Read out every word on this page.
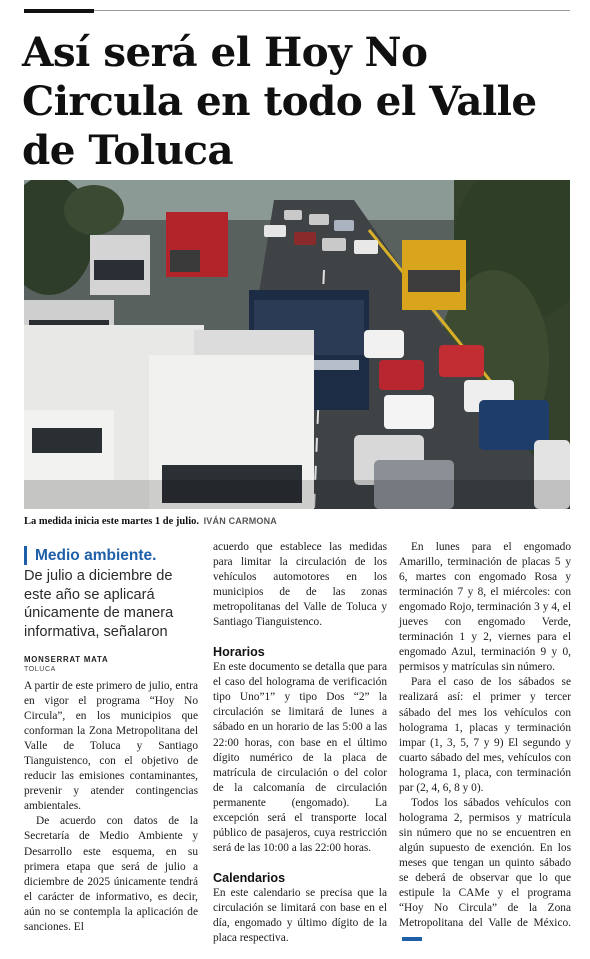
Así será el Hoy No Circula en todo el Valle de Toluca
La medida inicia este martes 1 de julio. IVÁN CARMONA
Medio ambiente.
De julio a diciembre de este año se aplicará únicamente de manera informativa, señalaron
MONSERRAT MATA
TOLUCA

A partir de este primero de julio, entra en vigor el programa “Hoy No Circula”, en los municipios que conforman la Zona Metropolitana del Valle de Toluca y Santiago Tianguistenco, con el objetivo de reducir las emisiones contaminantes, prevenir y atender contingencias ambientales.

De acuerdo con datos de la Secretaría de Medio Ambiente y Desarrollo este esquema, en su primera etapa que será de julio a diciembre de 2025 únicamente tendrá el carácter de informativo, es decir, aún no se contempla la aplicación de sanciones. El

acuerdo que establece las medidas para limitar la circulación de los vehículos automotores en los municipios de de las zonas metropolitanas del Valle de Toluca y Santiago Tianguistenco.

Horarios

En este documento se detalla que para el caso del holograma de verificación tipo Uno”1” y tipo Dos “2” la circulación se limitará de lunes a sábado en un horario de las 5:00 a las 22:00 horas, con base en el último dígito numérico de la placa de matrícula de circulación o del color de la calcomanía de circulación permanente (engomado). La excepción será el transporte local público de pasajeros, cuya restricción será de las 10:00 a las 22:00 horas.

Calendarios

En este calendario se precisa que la circulación se limitará con base en el día, engomado y último dígito de la placa respectiva.

En lunes para el engomado Amarillo, terminación de placas 5 y 6, martes con engomado Rosa y terminación 7 y 8, el miércoles: con engomado Rojo, terminación 3 y 4, el jueves con engomado Verde, terminación 1 y 2, viernes para el engomado Azul, terminación 9 y 0, permisos y matrículas sin número.

Para el caso de los sábados se realizará así: el primer y tercer sábado del mes los vehículos con holograma 1, placas y terminación impar (1, 3, 5, 7 y 9) El segundo y cuarto sábado del mes, vehículos con holograma 1, placa, con terminación par (2, 4, 6, 8 y 0).

Todos los sábados vehículos con holograma 2, permisos y matrícula sin número que no se encuentren en algún supuesto de exención. En los meses que tengan un quinto sábado se deberá de observar que lo que estipule la CAMe y el programa “Hoy No Circula” de la Zona Metropolitana del Valle de México.
